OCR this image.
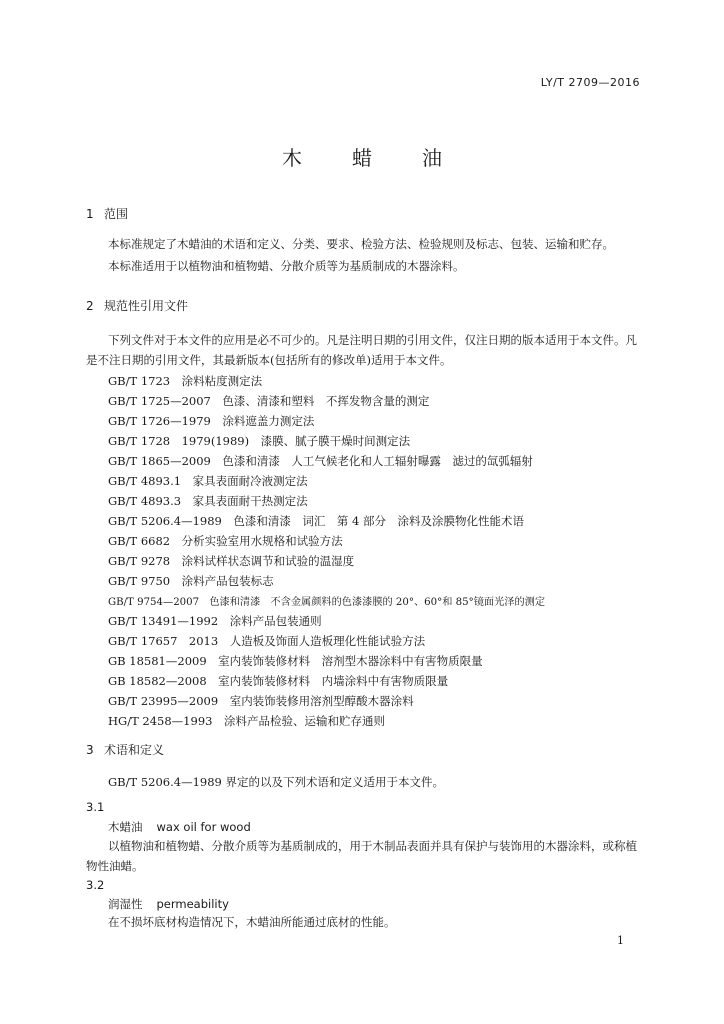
LY/T 2709—2016
木	蜡	油
1 范围
本标准规定了木蜡油的术语和定义、分类、要求、检验方法、检验规则及标志、包装、运输和贮存。
本标准适用于以植物油和植物蜡、分散介质等为基质制成的木器涂料。
2 规范性引用文件
下列文件对于本文件的应用是必不可少的。凡是注明日期的引用文件，仅注日期的版本适用于本文件。凡是不注日期的引用文件，其最新版本(包括所有的修改单)适用于本文件。
GB/T 1723　涂料粘度测定法
GB/T 1725—2007　色漆、清漆和塑料　不挥发物含量的测定
GB/T 1726—1979　涂料遮盖力测定法
GB/T 1728　1979(1989)　漆膜、腻子膜干燥时间测定法
GB/T 1865—2009　色漆和清漆　人工气候老化和人工辐射曝露　滤过的氙弧辐射
GB/T 4893.1　家具表面耐冷液测定法
GB/T 4893.3　家具表面耐干热测定法
GB/T 5206.4—1989　色漆和清漆　词汇　第 4 部分　涂料及涂膜物化性能术语
GB/T 6682　分析实验室用水规格和试验方法
GB/T 9278　涂料试样状态调节和试验的温湿度
GB/T 9750　涂料产品包装标志
GB/T 9754—2007　色漆和清漆　不含金属颜料的色漆漆膜的 20°、60°和 85°镜面光泽的测定
GB/T 13491—1992　涂料产品包装通则
GB/T 17657　2013　人造板及饰面人造板理化性能试验方法
GB 18581—2009　室内装饰装修材料　溶剂型木器涂料中有害物质限量
GB 18582—2008　室内装饰装修材料　内墙涂料中有害物质限量
GB/T 23995—2009　室内装饰装修用溶剂型醇酸木器涂料
HG/T 2458—1993　涂料产品检验、运输和贮存通则
3 术语和定义
GB/T 5206.4—1989 界定的以及下列术语和定义适用于本文件。
3.1
木蜡油 wax oil for wood
以植物油和植物蜡、分散介质等为基质制成的，用于木制品表面并具有保护与装饰用的木器涂料，或称植物性油蜡。
3.2
润湿性 permeability
在不损坏底材构造情况下，木蜡油所能通过底材的性能。
1
